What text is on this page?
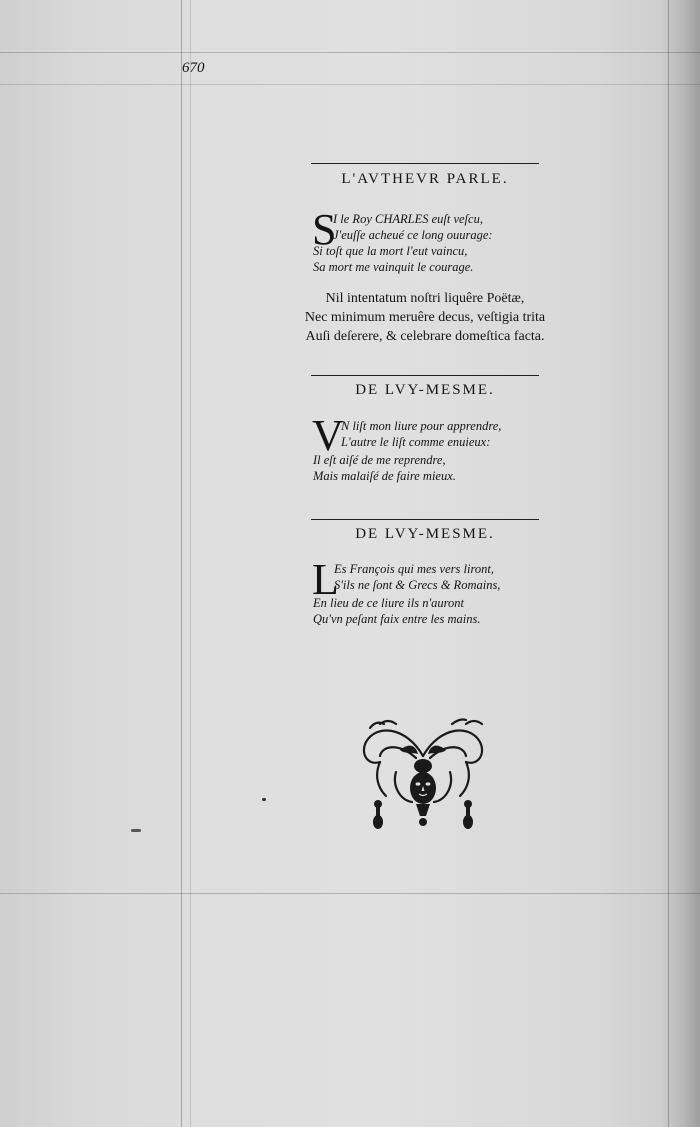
670
L'AVTHEVR PARLE.
S
I le Roy CHARLES euſt veſcu,
J'euſſe acheué ce long ouurage:
Si toſt que la mort l'eut vaincu,
Sa mort me vainquit le courage.
Nil intentatum noſtri liquêre Poëtæ,
Nec minimum meruêre decus, veſtigia trita
Auſi deſerere, & celebrare domeſtica facta.
DE LVY-MESME.
V
N liſt mon liure pour apprendre,
L'autre le liſt comme enuieux:
Il eſt aiſé de me reprendre,
Mais malaiſé de faire mieux.
DE LVY-MESME.
L
Es François qui mes vers liront,
S'ils ne ſont & Grecs & Romains,
En lieu de ce liure ils n'auront
Qu'vn peſant faix entre les mains.
